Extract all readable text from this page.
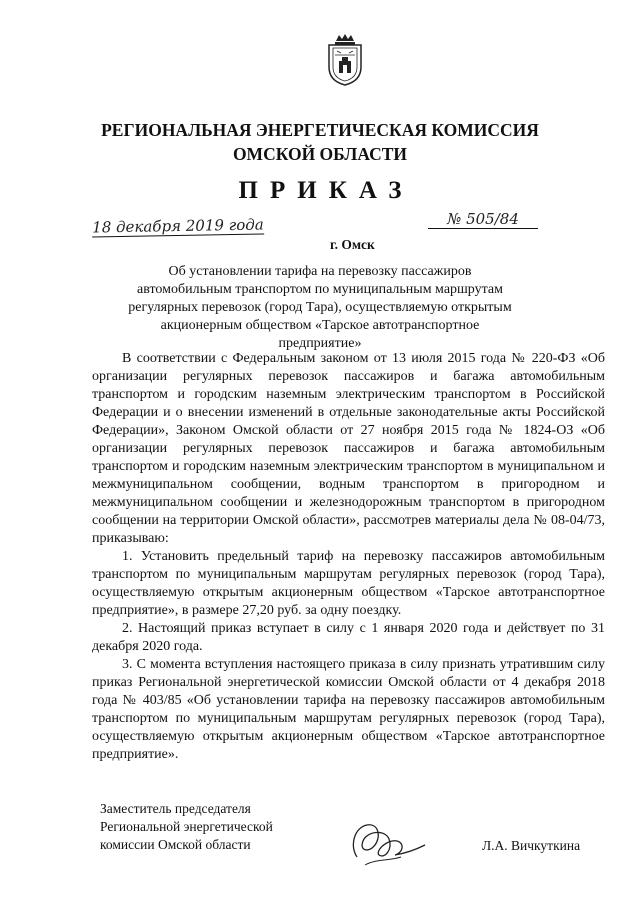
РЕГИОНАЛЬНАЯ ЭНЕРГЕТИЧЕСКАЯ КОМИССИЯ
ОМСКОЙ ОБЛАСТИ
ПРИКАЗ
18 декабря 2019 года	№ 505/84
г. Омск
Об установлении тарифа на перевозку пассажиров автомобильным транспортом по муниципальным маршрутам регулярных перевозок (город Тара), осуществляемую открытым акционерным обществом «Тарское автотранспортное предприятие»

В соответствии с Федеральным законом от 13 июля 2015 года № 220-ФЗ «Об организации регулярных перевозок пассажиров и багажа автомобильным транспортом и городским наземным электрическим транспортом в Российской Федерации и о внесении изменений в отдельные законодательные акты Российской Федерации», Законом Омской области от 27 ноября 2015 года № 1824-ОЗ «Об организации регулярных перевозок пассажиров и багажа автомобильным транспортом и городским наземным электрическим транспортом в муниципальном и межмуниципальном сообщении, водным транспортом в пригородном и межмуниципальном сообщении и железнодорожным транспортом в пригородном сообщении на территории Омской области», рассмотрев материалы дела № 08-04/73, приказываю:

1. Установить предельный тариф на перевозку пассажиров автомобильным транспортом по муниципальным маршрутам регулярных перевозок (город Тара), осуществляемую открытым акционерным обществом «Тарское автотранспортное предприятие», в размере 27,20 руб. за одну поездку.

2. Настоящий приказ вступает в силу с 1 января 2020 года и действует по 31 декабря 2020 года.

3. С момента вступления настоящего приказа в силу признать утратившим силу приказ Региональной энергетической комиссии Омской области от 4 декабря 2018 года № 403/85 «Об установлении тарифа на перевозку пассажиров автомобильным транспортом по муниципальным маршрутам регулярных перевозок (город Тара), осуществляемую открытым акционерным обществом «Тарское автотранспортное предприятие».

Заместитель председателя
Региональной энергетической
комиссии Омской области	Л.А. Вичкуткина
